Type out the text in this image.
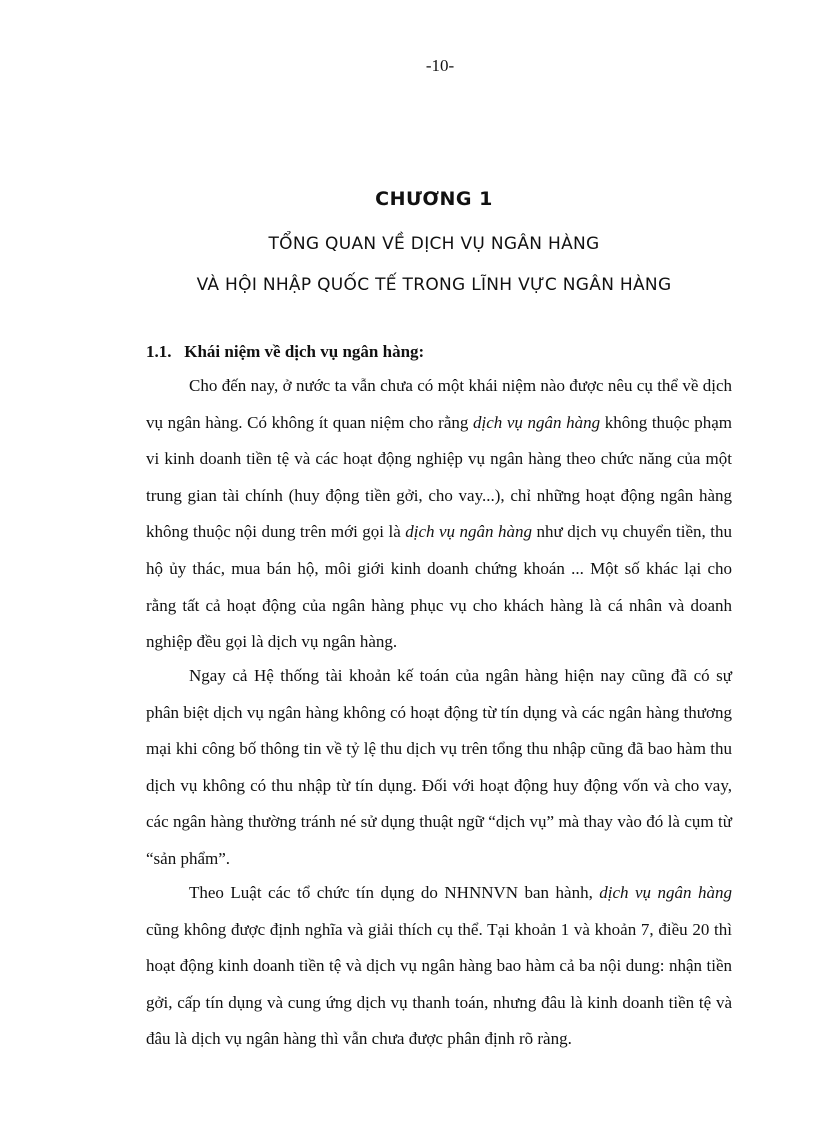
-10-
CHƯƠNG 1
TỔNG QUAN VỀ DỊCH VỤ NGÂN HÀNG
VÀ HỘI NHẬP QUỐC TẾ TRONG LĨNH VỰC NGÂN HÀNG
1.1. Khái niệm về dịch vụ ngân hàng:

Cho đến nay, ở nước ta vẫn chưa có một khái niệm nào được nêu cụ thể về dịch vụ ngân hàng. Có không ít quan niệm cho rằng dịch vụ ngân hàng không thuộc phạm vi kinh doanh tiền tệ và các hoạt động nghiệp vụ ngân hàng theo chức năng của một trung gian tài chính (huy động tiền gởi, cho vay...), chỉ những hoạt động ngân hàng không thuộc nội dung trên mới gọi là dịch vụ ngân hàng như dịch vụ chuyển tiền, thu hộ ủy thác, mua bán hộ, môi giới kinh doanh chứng khoán ... Một số khác lại cho rằng tất cả hoạt động của ngân hàng phục vụ cho khách hàng là cá nhân và doanh nghiệp đều gọi là dịch vụ ngân hàng.

Ngay cả Hệ thống tài khoản kế toán của ngân hàng hiện nay cũng đã có sự phân biệt dịch vụ ngân hàng không có hoạt động từ tín dụng và các ngân hàng thương mại khi công bố thông tin về tỷ lệ thu dịch vụ trên tổng thu nhập cũng đã bao hàm thu dịch vụ không có thu nhập từ tín dụng. Đối với hoạt động huy động vốn và cho vay, các ngân hàng thường tránh né sử dụng thuật ngữ “dịch vụ” mà thay vào đó là cụm từ “sản phẩm”.

Theo Luật các tổ chức tín dụng do NHNNVN ban hành, dịch vụ ngân hàng cũng không được định nghĩa và giải thích cụ thể. Tại khoản 1 và khoản 7, điều 20 thì hoạt động kinh doanh tiền tệ và dịch vụ ngân hàng bao hàm cả ba nội dung: nhận tiền gởi, cấp tín dụng và cung ứng dịch vụ thanh toán, nhưng đâu là kinh doanh tiền tệ và đâu là dịch vụ ngân hàng thì vẫn chưa được phân định rõ ràng.
